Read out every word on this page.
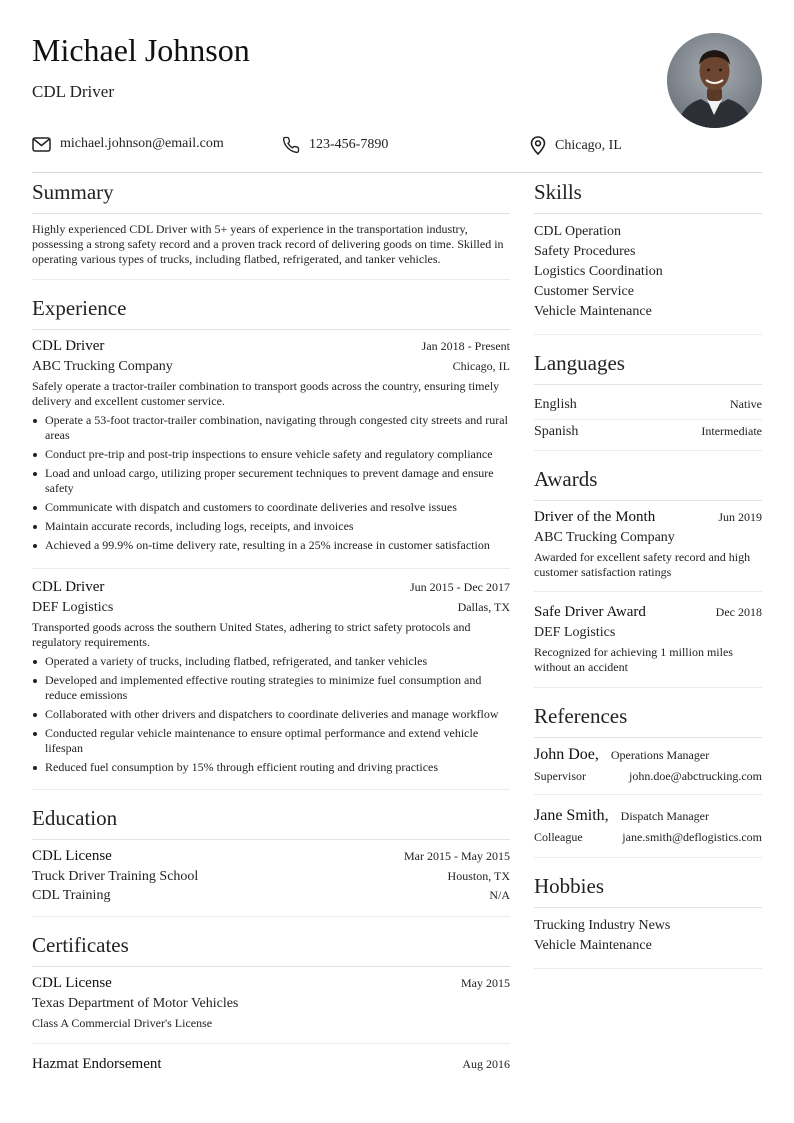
Michael Johnson
CDL Driver
michael.johnson@email.com	123-456-7890	Chicago, IL
Summary
Highly experienced CDL Driver with 5+ years of experience in the transportation industry, possessing a strong safety record and a proven track record of delivering goods on time. Skilled in operating various types of trucks, including flatbed, refrigerated, and tanker vehicles.
Experience
CDL Driver	Jan 2018 - Present
ABC Trucking Company	Chicago, IL
Safely operate a tractor-trailer combination to transport goods across the country, ensuring timely delivery and excellent customer service.
Operate a 53-foot tractor-trailer combination, navigating through congested city streets and rural areas
Conduct pre-trip and post-trip inspections to ensure vehicle safety and regulatory compliance
Load and unload cargo, utilizing proper securement techniques to prevent damage and ensure safety
Communicate with dispatch and customers to coordinate deliveries and resolve issues
Maintain accurate records, including logs, receipts, and invoices
Achieved a 99.9% on-time delivery rate, resulting in a 25% increase in customer satisfaction
CDL Driver	Jun 2015 - Dec 2017
DEF Logistics	Dallas, TX
Transported goods across the southern United States, adhering to strict safety protocols and regulatory requirements.
Operated a variety of trucks, including flatbed, refrigerated, and tanker vehicles
Developed and implemented effective routing strategies to minimize fuel consumption and reduce emissions
Collaborated with other drivers and dispatchers to coordinate deliveries and manage workflow
Conducted regular vehicle maintenance to ensure optimal performance and extend vehicle lifespan
Reduced fuel consumption by 15% through efficient routing and driving practices
Education
CDL License	Mar 2015 - May 2015
Truck Driver Training School	Houston, TX
CDL Training	N/A
Certificates
CDL License	May 2015
Texas Department of Motor Vehicles
Class A Commercial Driver's License
Hazmat Endorsement	Aug 2016
Skills
CDL Operation
Safety Procedures
Logistics Coordination
Customer Service
Vehicle Maintenance
Languages
English	Native
Spanish	Intermediate
Awards
Driver of the Month	Jun 2019
ABC Trucking Company
Awarded for excellent safety record and high customer satisfaction ratings
Safe Driver Award	Dec 2018
DEF Logistics
Recognized for achieving 1 million miles without an accident
References
John Doe, Operations Manager
Supervisor	john.doe@abctrucking.com
Jane Smith, Dispatch Manager
Colleague	jane.smith@deflogistics.com
Hobbies
Trucking Industry News
Vehicle Maintenance
